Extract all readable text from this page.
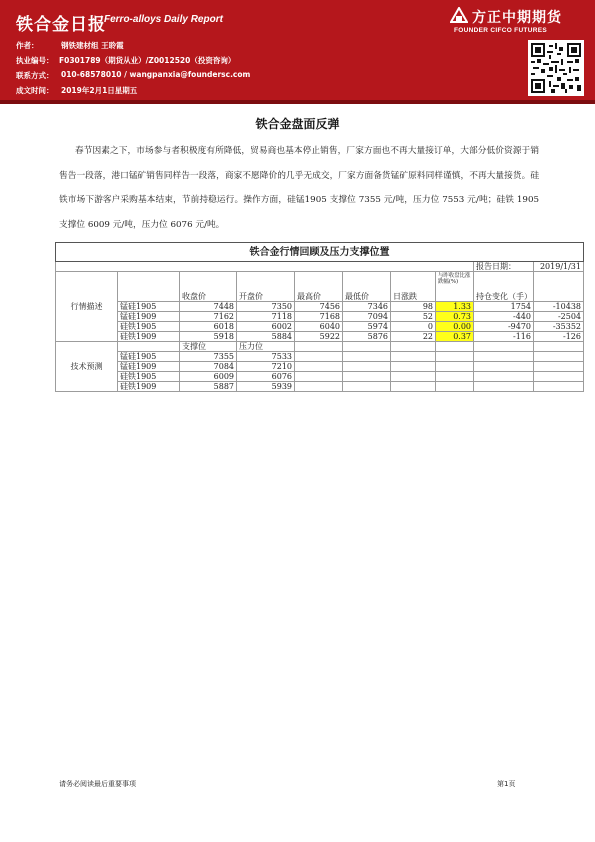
铁合金日报
Ferro-alloys Daily Report	方正中期期货
FOUNDER CIFCO FUTURES
作者：	钢铁建材组 王聆霞
执业编号： F0301789（期货从业）/Z0012520（投资咨询）
联系方式： 010-68578010 / wangpanxia@foundersc.com
成文时间： 2019年2月1日星期五
铁合金盘面反弹
春节因素之下，市场参与者积极度有所降低，贸易商也基本停止销售，厂家方面也不再大量接订单，大部分低价资源于销售告一段落，港口锰矿销售同样告一段落，商家不愿降价的几乎无成交，厂家方面备货锰矿原料同样谨慎，不再大量接货。硅铁市场下游客户采购基本结束，节前持稳运行。操作方面，硅锰1905 支撑位 7355 元/吨，压力位 7553 元/吨；硅铁 1905 支撑位 6009 元/吨，压力位 6076 元/吨。
铁合金行情回顾及压力支撑位置									
								报告日期：	2019/1/31
行情描述		收盘价	开盘价	最高价	最低价	日涨跌	与昨收盘比涨跌幅(%)	持仓变化（手）	
	锰硅1905	7448	7350	7456	7346	98	1.33	1754	-10438
	锰硅1909	7162	7118	7168	7094	52	0.73	-440	-2504
	硅铁1905	6018	6002	6040	5974	0	0.00	-9470	-35352
	硅铁1909	5918	5884	5922	5876	22	0.37	-116	-126
技术预测		支撑位	压力位						
	锰硅1905	7355	7533						
	锰硅1909	7084	7210						
	硅铁1905	6009	6076						
	硅铁1909	5887	5939						
请务必阅读最后重要事项	第1页
